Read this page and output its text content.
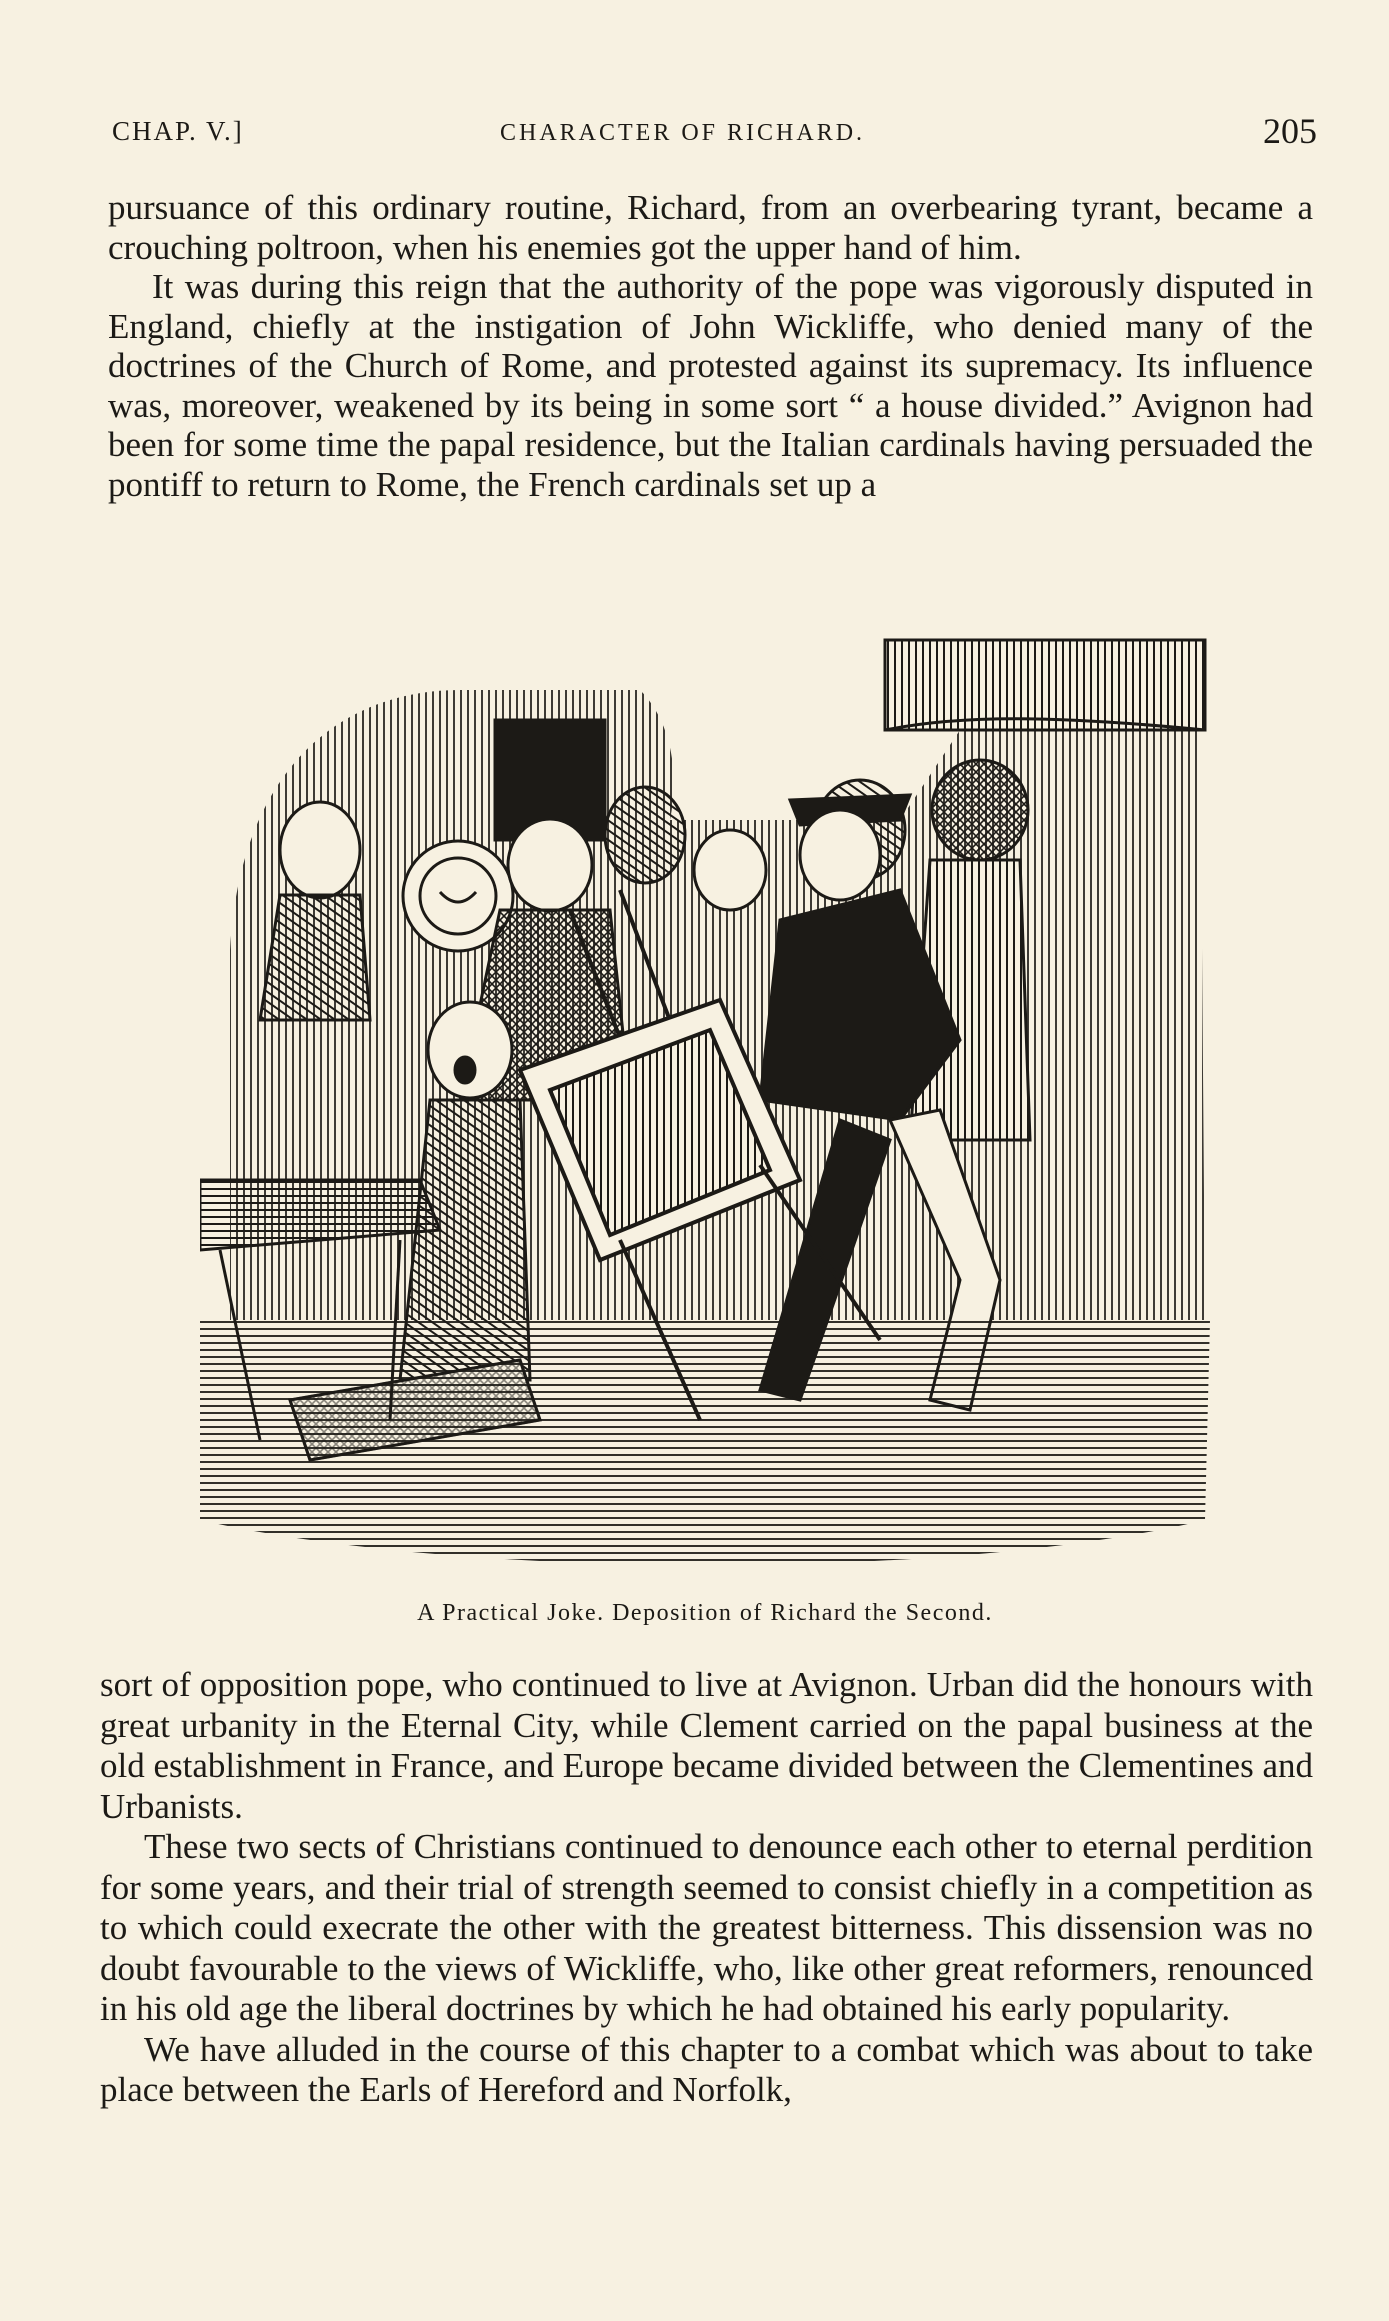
CHAP. V.]	CHARACTER OF RICHARD.	205

pursuance of this ordinary routine, Richard, from an overbearing tyrant, became a crouching poltroon, when his enemies got the upper hand of him.

It was during this reign that the authority of the pope was vigorously disputed in England, chiefly at the instigation of John Wickliffe, who denied many of the doctrines of the Church of Rome, and protested against its supremacy. Its influence was, moreover, weakened by its being in some sort “ a house divided.” Avignon had been for some time the papal residence, but the Italian cardinals having persuaded the pontiff to return to Rome, the French cardinals set up a

A Practical Joke. Deposition of Richard the Second.

sort of opposition pope, who continued to live at Avignon. Urban did the honours with great urbanity in the Eternal City, while Clement carried on the papal business at the old establishment in France, and Europe became divided between the Clementines and Urbanists.

These two sects of Christians continued to denounce each other to eternal perdition for some years, and their trial of strength seemed to consist chiefly in a competition as to which could execrate the other with the greatest bitterness. This dissension was no doubt favourable to the views of Wickliffe, who, like other great reformers, renounced in his old age the liberal doctrines by which he had obtained his early popularity.

We have alluded in the course of this chapter to a combat which was about to take place between the Earls of Hereford and Norfolk,
